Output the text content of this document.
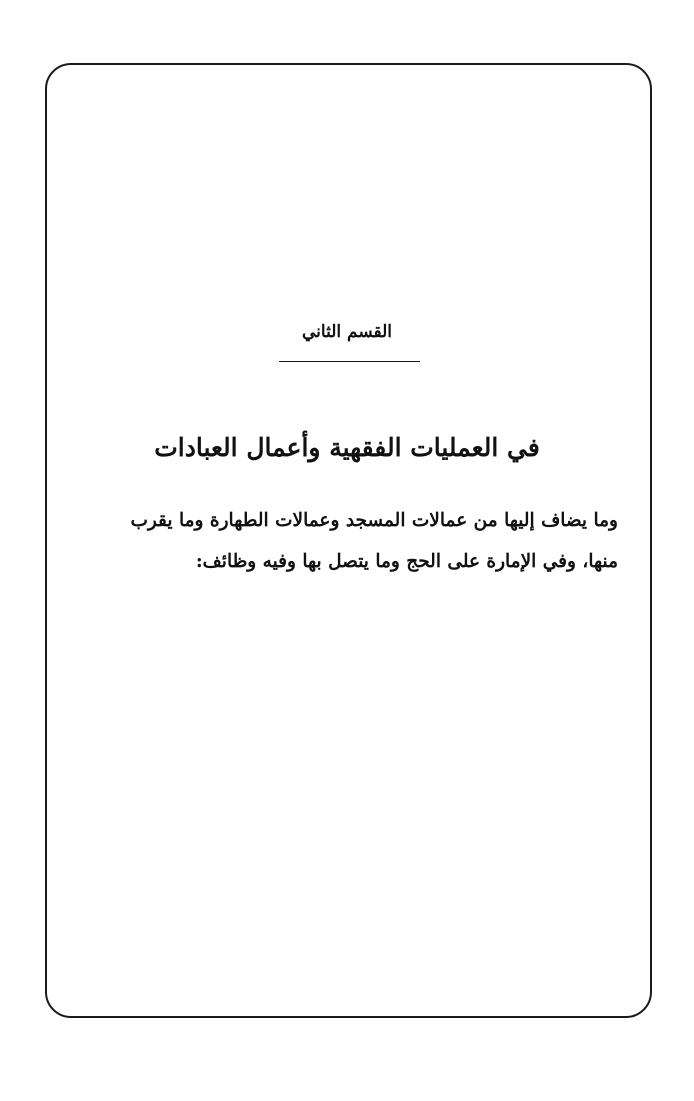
القسم الثاني
في العمليات الفقهية وأعمال العبادات
وما يضاف إليها من عمالات المسجد وعمالات الطهارة وما يقرب
منها، وفي الإمارة على الحج وما يتصل بها وفيه وظائف:
